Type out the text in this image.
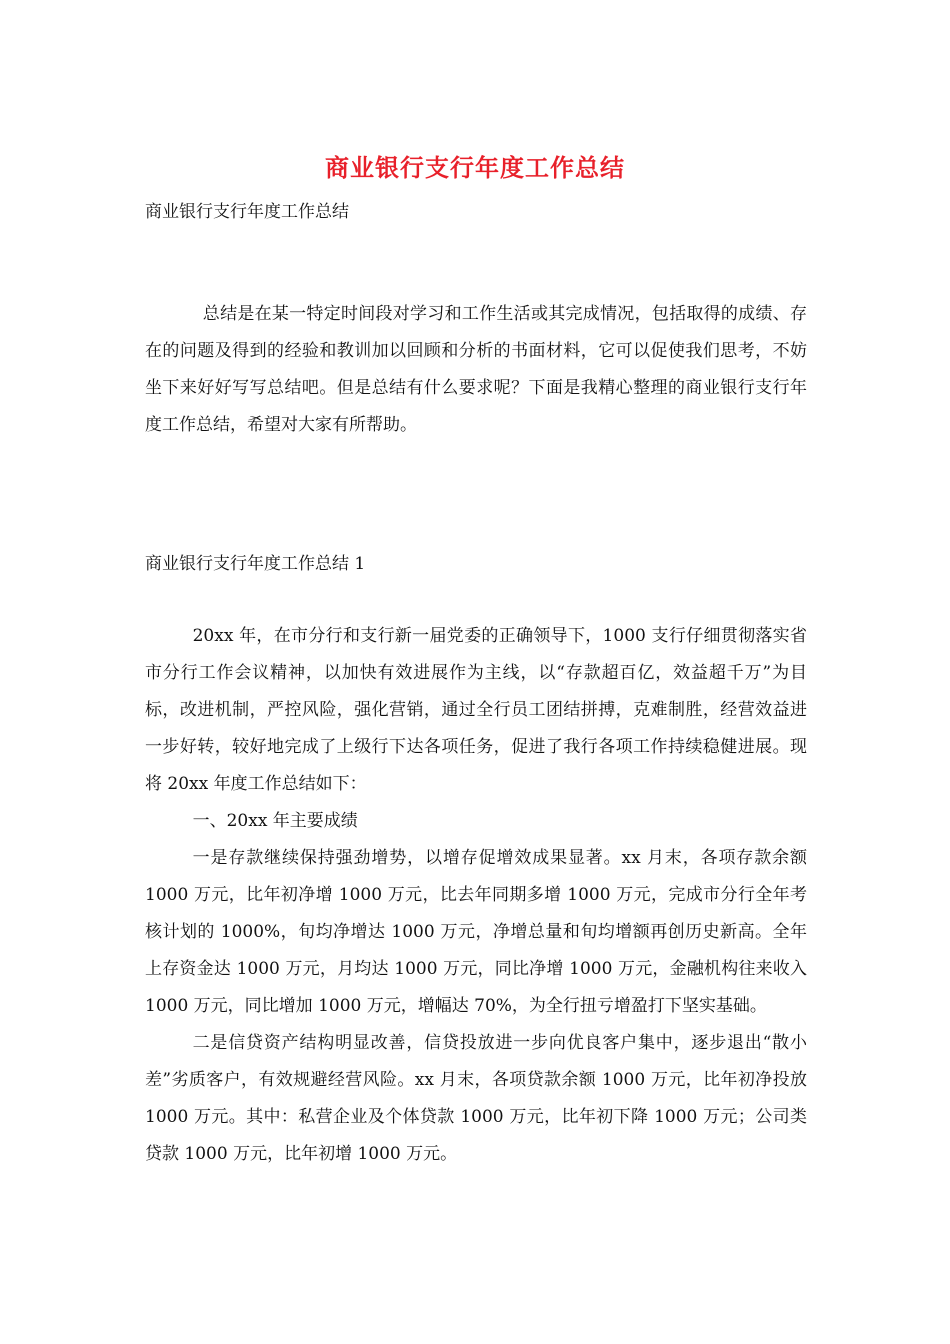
商业银行支行年度工作总结
商业银行支行年度工作总结

总结是在某一特定时间段对学习和工作生活或其完成情况，包括取得的成绩、存在的问题及得到的经验和教训加以回顾和分析的书面材料，它可以促使我们思考，不妨坐下来好好写写总结吧。但是总结有什么要求呢？下面是我精心整理的商业银行支行年度工作总结，希望对大家有所帮助。

商业银行支行年度工作总结 1

20xx 年，在市分行和支行新一届党委的正确领导下，1000 支行仔细贯彻落实省市分行工作会议精神，以加快有效进展作为主线，以“存款超百亿，效益超千万”为目标，改进机制，严控风险，强化营销，通过全行员工团结拼搏，克难制胜，经营效益进一步好转，较好地完成了上级行下达各项任务，促进了我行各项工作持续稳健进展。现将 20xx 年度工作总结如下：

一、20xx 年主要成绩

一是存款继续保持强劲增势，以增存促增效成果显著。xx 月末，各项存款余额 1000 万元，比年初净增 1000 万元，比去年同期多增 1000 万元，完成市分行全年考核计划的 1000%，旬均净增达 1000 万元，净增总量和旬均增额再创历史新高。全年上存资金达 1000 万元，月均达 1000 万元，同比净增 1000 万元，金融机构往来收入 1000 万元，同比增加 1000 万元，增幅达 70%，为全行扭亏增盈打下坚实基础。

二是信贷资产结构明显改善，信贷投放进一步向优良客户集中，逐步退出“散小差”劣质客户，有效规避经营风险。xx 月末，各项贷款余额 1000 万元，比年初净投放 1000 万元。其中：私营企业及个体贷款 1000 万元，比年初下降 1000 万元；公司类贷款 1000 万元，比年初增 1000 万元。
